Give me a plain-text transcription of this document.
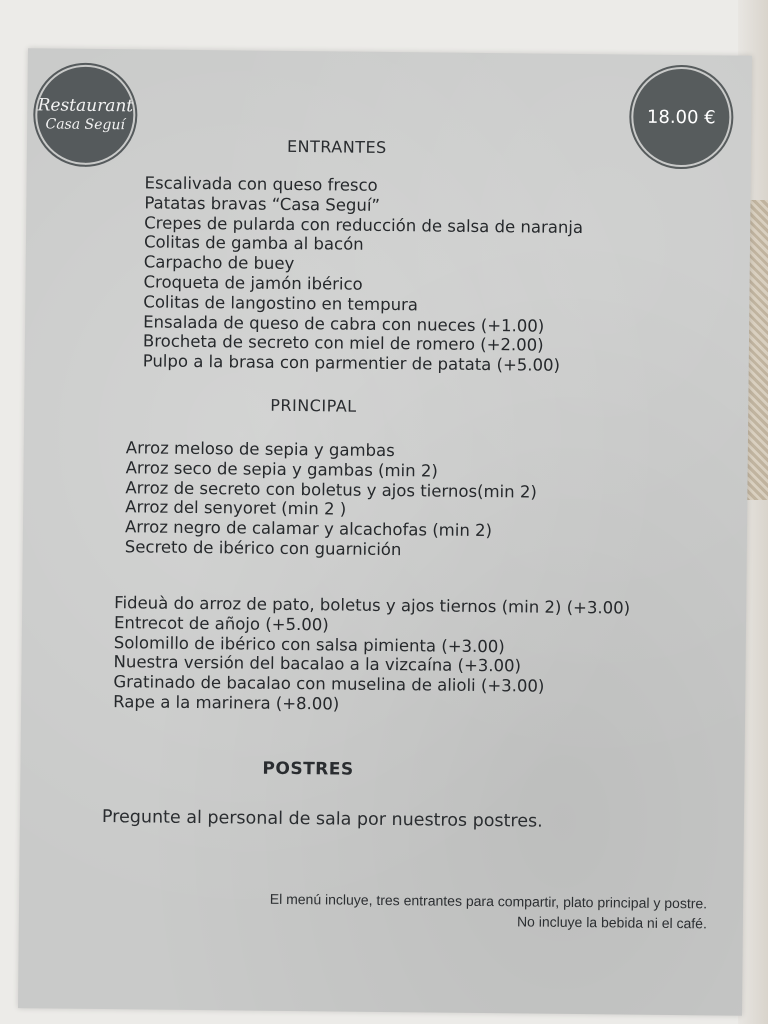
Restaurant
Casa Seguí	18.00 €
ENTRANTES
Escalivada con queso fresco
Patatas bravas “Casa Seguí”
Crepes de pularda con reducción de salsa de naranja
Colitas de gamba al bacón
Carpacho de buey
Croqueta de jamón ibérico
Colitas de langostino en tempura
Ensalada de queso de cabra con nueces (+1.00)
Brocheta de secreto con miel de romero (+2.00)
Pulpo a la brasa con parmentier de patata (+5.00)
PRINCIPAL
Arroz meloso de sepia y gambas
Arroz seco de sepia y gambas (min 2)
Arroz de secreto con boletus y ajos tiernos(min 2)
Arroz del senyoret (min 2 )
Arroz negro de calamar y alcachofas (min 2)
Secreto de ibérico con guarnición
Fideuà do arroz de pato, boletus y ajos tiernos (min 2) (+3.00)
Entrecot de añojo (+5.00)
Solomillo de ibérico con salsa pimienta (+3.00)
Nuestra versión del bacalao a la vizcaína (+3.00)
Gratinado de bacalao con muselina de alioli (+3.00)
Rape a la marinera (+8.00)
POSTRES
Pregunte al personal de sala por nuestros postres.
El menú incluye, tres entrantes para compartir, plato principal y postre.
No incluye la bebida ni el café.
